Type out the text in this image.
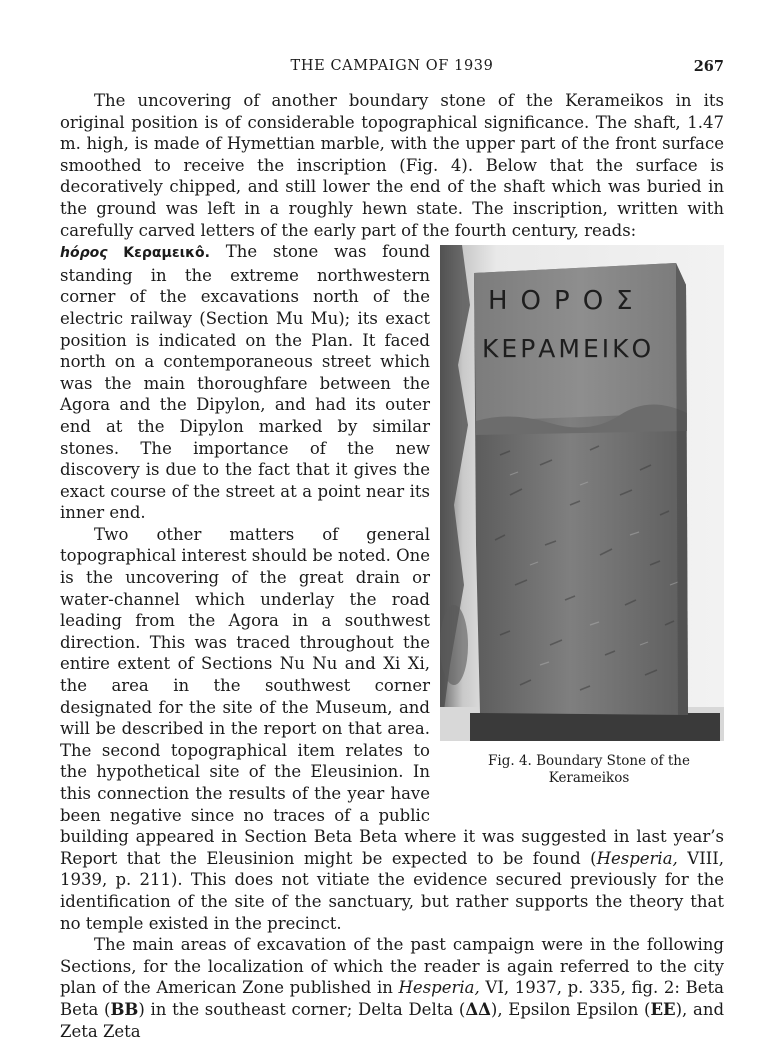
THE CAMPAIGN OF 1939	267

The uncovering of another boundary stone of the Kerameikos in its original position is of considerable topographical significance. The shaft, 1.47 m. high, is made of Hymettian marble, with the upper part of the front surface smoothed to receive the inscription (Fig. 4). Below that the surface is decoratively chipped, and still lower the end of the shaft which was buried in the ground was left in a roughly hewn state. The inscription, written with carefully carved letters of the early part of the fourth century, reads:

ΗΟΡΟΣ
ΚΕΡΑΜΕΙΚΟ
Fig. 4. Boundary Stone of the Kerameikos

hόρος Κεραμεικô. The stone was found standing in the extreme northwestern corner of the excavations north of the electric railway (Section Mu Mu); its exact position is indicated on the Plan. It faced north on a contemporaneous street which was the main thoroughfare between the Agora and the Dipylon, and had its outer end at the Dipylon marked by similar stones. The importance of the new discovery is due to the fact that it gives the exact course of the street at a point near its inner end.

Two other matters of general topographical interest should be noted. One is the uncovering of the great drain or water-channel which underlay the road leading from the Agora in a southwest direction. This was traced throughout the entire extent of Sections Nu Nu and Xi Xi, the area in the southwest corner designated for the site of the Museum, and will be described in the report on that area. The second topographical item relates to the hypothetical site of the Eleusinion. In this connection the results of the year have been negative since no traces of a public building appeared in Section Beta Beta where it was suggested in last year’s Report that the Eleusinion might be expected to be found (Hesperia, VIII, 1939, p. 211). This does not vitiate the evidence secured previously for the identification of the site of the sanctuary, but rather supports the theory that no temple existed in the precinct.

The main areas of excavation of the past campaign were in the following Sections, for the localization of which the reader is again referred to the city plan of the American Zone published in Hesperia, VI, 1937, p. 335, fig. 2: Beta Beta (BB) in the southeast corner; Delta Delta (ΔΔ), Epsilon Epsilon (EE), and Zeta Zeta
